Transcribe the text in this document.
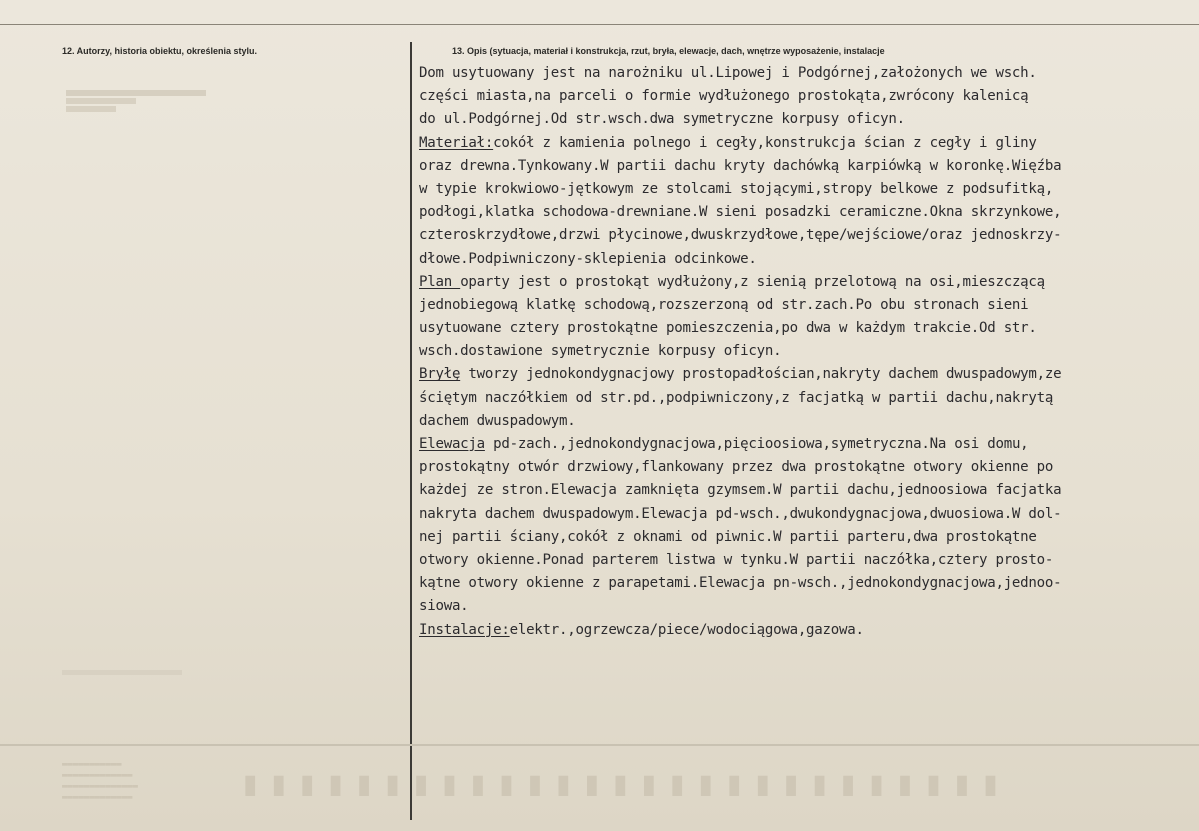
12. Autorzy, historia obiektu, określenia stylu.	13. Opis (sytuacja, materiał i konstrukcja, rzut, bryła, elewacje, dach, wnętrze wyposażenie, instalacje
Dom usytuowany jest na narożniku ul.Lipowej i Podgórnej,założonych we wsch.
części miasta,na parceli o formie wydłużonego prostokąta,zwrócony kalenicą
do ul.Podgórnej.Od str.wsch.dwa symetryczne korpusy oficyn.
Materiał:cokół z kamienia polnego i cegły,konstrukcja ścian z cegły i gliny
oraz drewna.Tynkowany.W partii dachu kryty dachówką karpiówką w koronkę.Więźba
w typie krokwiowo-jętkowym ze stolcami stojącymi,stropy belkowe z podsufitką,
podłogi,klatka schodowa-drewniane.W sieni posadzki ceramiczne.Okna skrzynkowe,
czteroskrzydłowe,drzwi płycinowe,dwuskrzydłowe,tępe/wejściowe/oraz jednoskrzy-
dłowe.Podpiwniczony-sklepienia odcinkowe.
Plan oparty jest o prostokąt wydłużony,z sienią przelotową na osi,mieszczącą
jednobiegową klatkę schodową,rozszerzoną od str.zach.Po obu stronach sieni
usytuowane cztery prostokątne pomieszczenia,po dwa w każdym trakcie.Od str.
wsch.dostawione symetrycznie korpusy oficyn.
Bryłę tworzy jednokondygnacjowy prostopadłościan,nakryty dachem dwuspadowym,ze
ściętym naczółkiem od str.pd.,podpiwniczony,z facjatką w partii dachu,nakrytą
dachem dwuspadowym.
Elewacja pd-zach.,jednokondygnacjowa,pięcioosiowa,symetryczna.Na osi domu,
prostokątny otwór drzwiowy,flankowany przez dwa prostokątne otwory okienne po
każdej ze stron.Elewacja zamknięta gzymsem.W partii dachu,jednoosiowa facjatka
nakryta dachem dwuspadowym.Elewacja pd-wsch.,dwukondygnacjowa,dwuosiowa.W dol-
nej partii ściany,cokół z oknami od piwnic.W partii parteru,dwa prostokątne
otwory okienne.Ponad parterem listwa w tynku.W partii naczółka,cztery prosto-
kątne otwory okienne z parapetami.Elewacja pn-wsch.,jednokondygnacjowa,jednoo-
siowa.
Instalacje:elektr.,ogrzewcza/piece/wodociągowa,gazowa.
▬▬▬▬▬▬▬▬▬▬▬▬▬
▬▬▬▬▬▬▬▬▬▬▬▬▬▬
▬▬▬▬▬▬▬▬▬▬▬▬▬
▬▬▬▬▬▬▬▬▬▬▬
▮▮▮▮▮▮▮▮▮▮▮▮▮▮▮▮▮▮▮▮▮▮▮▮▮▮▮
